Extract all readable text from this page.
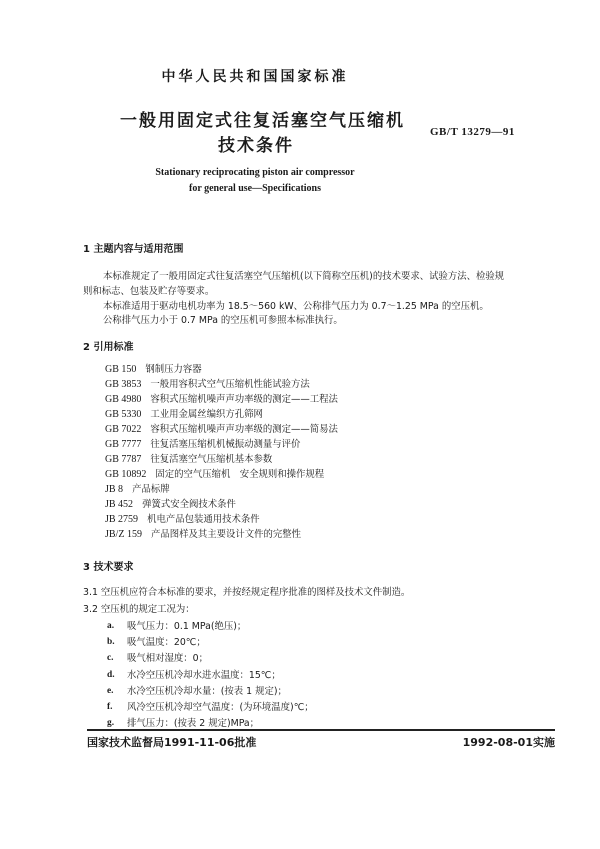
中华人民共和国国家标准
一般用固定式往复活塞空气压缩机
技术条件
GB/T 13279—91
Stationary reciprocating piston air compressor
for general use—Specifications
1 主题内容与适用范围
本标准规定了一般用固定式往复活塞空气压缩机(以下简称空压机)的技术要求、试验方法、检验规
则和标志、包装及贮存等要求。
本标准适用于驱动电机功率为 18.5～560 kW、公称排气压力为 0.7～1.25 MPa 的空压机。
公称排气压力小于 0.7 MPa 的空压机可参照本标准执行。
2 引用标准
GB 150 钢制压力容器
GB 3853 一般用容积式空气压缩机性能试验方法
GB 4980 容积式压缩机噪声声功率级的测定——工程法
GB 5330 工业用金属丝编织方孔筛网
GB 7022 容积式压缩机噪声声功率级的测定——简易法
GB 7777 往复活塞压缩机机械振动测量与评价
GB 7787 往复活塞空气压缩机基本参数
GB 10892 固定的空气压缩机　安全规则和操作规程
JB 8 产品标牌
JB 452 弹簧式安全阀技术条件
JB 2759 机电产品包装通用技术条件
JB/Z 159 产品图样及其主要设计文件的完整性
3 技术要求
3.1 空压机应符合本标准的要求，并按经规定程序批准的图样及技术文件制造。
3.2 空压机的规定工况为：
a. 吸气压力：0.1 MPa(绝压)；
b. 吸气温度：20℃；
c. 吸气相对湿度：0；
d. 水冷空压机冷却水进水温度：15℃；
e. 水冷空压机冷却水量：(按表 1 规定)；
f. 风冷空压机冷却空气温度：(为环境温度)℃；
g. 排气压力：(按表 2 规定)MPa；
国家技术监督局1991-11-06批准	1992-08-01实施
